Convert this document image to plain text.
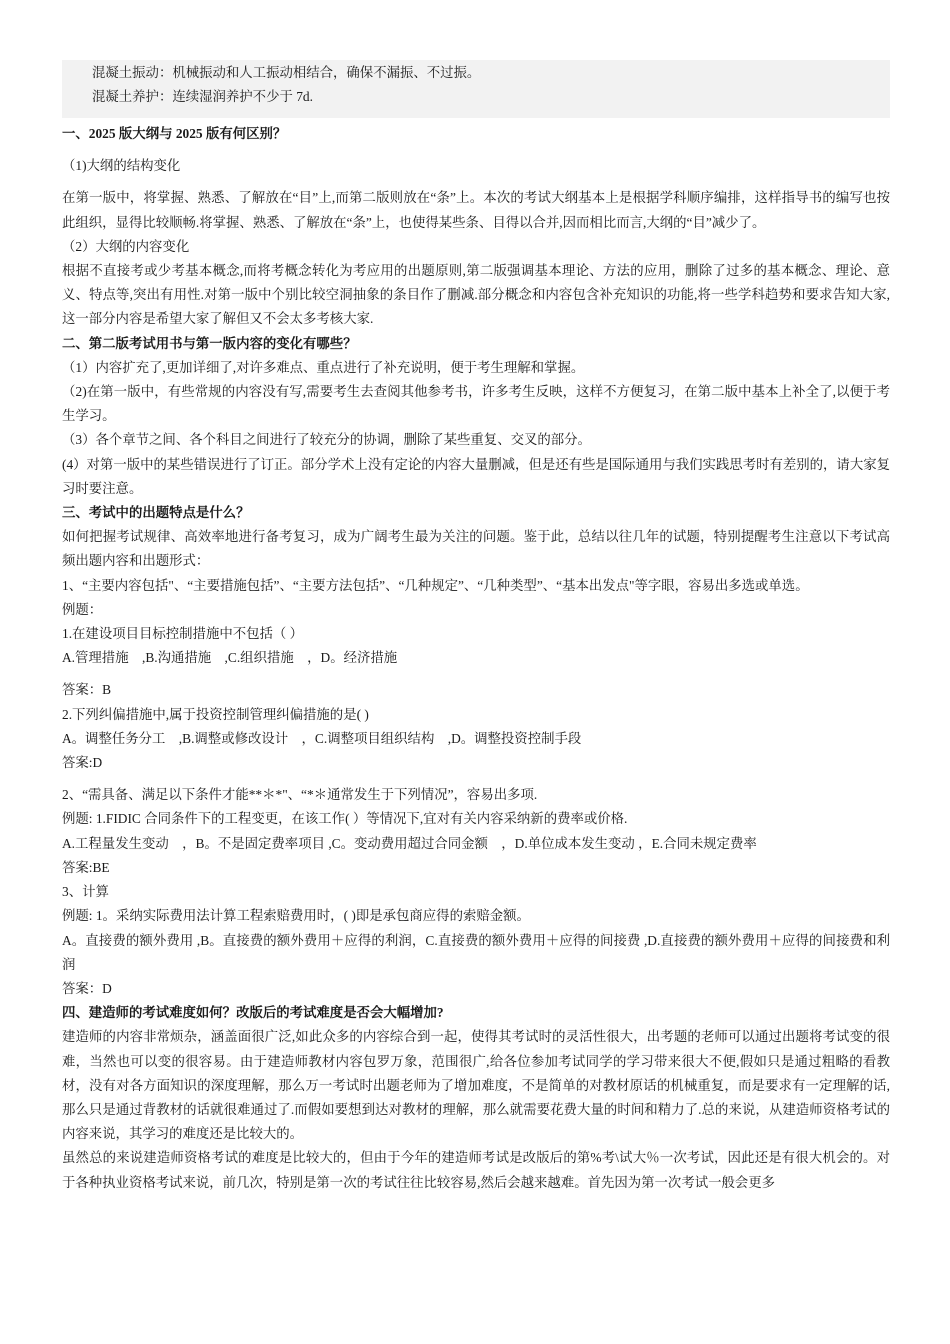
混凝土振动：机械振动和人工振动相结合，确保不漏振、不过振。

混凝土养护：连续湿润养护不少于 7d.

一、2025 版大纲与 2025 版有何区别？

（1)大纲的结构变化

在第一版中，将掌握、熟悉、了解放在“目”上,而第二版则放在“条”上。本次的考试大纲基本上是根据学科顺序编排，这样指导书的编写也按此组织，显得比较顺畅.将掌握、熟悉、了解放在“条”上，也使得某些条、目得以合并,因而相比而言,大纲的“目”减少了。

（2）大纲的内容变化

根据不直接考或少考基本概念,而将考概念转化为考应用的出题原则,第二版强调基本理论、方法的应用，删除了过多的基本概念、理论、意义、特点等,突出有用性.对第一版中个别比较空洞抽象的条目作了删减.部分概念和内容包含补充知识的功能,将一些学科趋势和要求告知大家,这一部分内容是希望大家了解但又不会太多考核大家.

二、第二版考试用书与第一版内容的变化有哪些？

（1）内容扩充了,更加详细了,对许多难点、重点进行了补充说明，便于考生理解和掌握。

（2)在第一版中，有些常规的内容没有写,需要考生去查阅其他参考书，许多考生反映，这样不方便复习，在第二版中基本上补全了,以便于考生学习。

（3）各个章节之间、各个科目之间进行了较充分的协调，删除了某些重复、交叉的部分。

(4）对第一版中的某些错误进行了订正。部分学术上没有定论的内容大量删减，但是还有些是国际通用与我们实践思考时有差别的，请大家复习时要注意。

三、考试中的出题特点是什么？

如何把握考试规律、高效率地进行备考复习，成为广阔考生最为关注的问题。鉴于此，总结以往几年的试题，特别提醒考生注意以下考试高频出题内容和出题形式：

1、“主要内容包括"、“主要措施包括”、“主要方法包括”、“几种规定”、“几种类型”、“基本出发点"等字眼，容易出多选或单选。

例题：

1.在建设项目目标控制措施中不包括（ ）

A.管理措施　,B.沟通措施　,C.组织措施　，D。经济措施

答案：B

2.下列纠偏措施中,属于投资控制管理纠偏措施的是( )

A。调整任务分工　,B.调整或修改设计　，C.调整项目组织结构　,D。调整投资控制手段

答案:D

2、“需具备、满足以下条件才能**＊*"、“*＊通常发生于下列情况”，容易出多项.

例题: 1.FIDIC 合同条件下的工程变更，在该工作( ）等情况下,宜对有关内容采纳新的费率或价格.

A.工程量发生变动　，B。不是固定费率项目 ,C。变动费用超过合同金额　，D.单位成本发生变动 ，E.合同未规定费率

答案:BE

3、计算

例题: 1。采纳实际费用法计算工程索赔费用时，( )即是承包商应得的索赔金额。

A。直接费的额外费用 ,B。直接费的额外费用＋应得的利润，C.直接费的额外费用＋应得的间接费 ,D.直接费的额外费用＋应得的间接费和利润

答案：D

四、建造师的考试难度如何？改版后的考试难度是否会大幅增加?

建造师的内容非常烦杂，涵盖面很广泛,如此众多的内容综合到一起，使得其考试时的灵活性很大，出考题的老师可以通过出题将考试变的很难，当然也可以变的很容易。由于建造师教材内容包罗万象，范围很广,给各位参加考试同学的学习带来很大不便,假如只是通过粗略的看教材，没有对各方面知识的深度理解，那么万一考试时出题老师为了增加难度，不是简单的对教材原话的机械重复，而是要求有一定理解的话,那么只是通过背教材的话就很难通过了.而假如要想到达对教材的理解，那么就需要花费大量的时间和精力了.总的来说，从建造师资格考试的内容来说，其学习的难度还是比较大的。

虽然总的来说建造师资格考试的难度是比较大的，但由于今年的建造师考试是改版后的第%考\试大％一次考试，因此还是有很大机会的。对于各种执业资格考试来说，前几次，特别是第一次的考试往往比较容易,然后会越来越难。首先因为第一次考试一般会更多
